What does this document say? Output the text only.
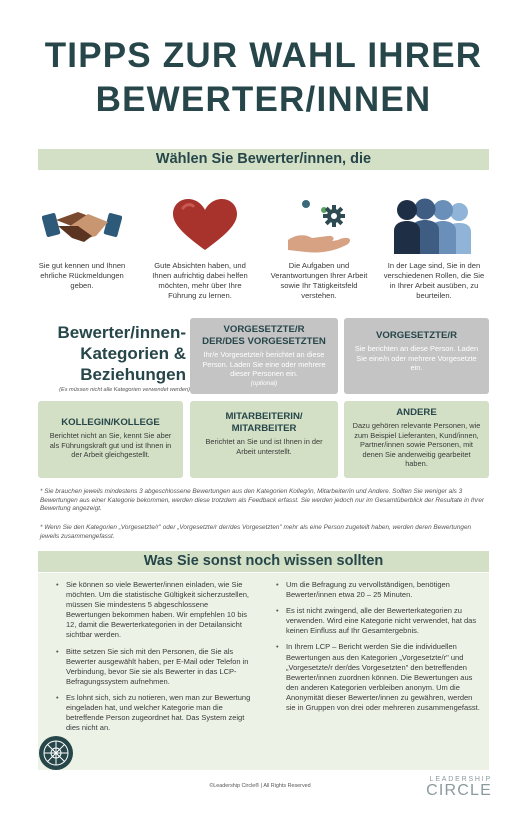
TIPPS ZUR WAHL IHRER
BEWERTER/INNEN
Wählen Sie Bewerter/innen, die
Sie gut kennen und Ihnen ehrliche Rückmeldungen geben.
Gute Absichten haben, und Ihnen aufrichtig dabei helfen möchten, mehr über Ihre Führung zu lernen.
Die Aufgaben und Verantwortungen Ihrer Arbeit sowie Ihr Tätigkeitsfeld verstehen.
In der Lage sind, Sie in den verschiedenen Rollen, die Sie in Ihrer Arbeit ausüben, zu beurteilen.
Bewerter/innen-
Kategorien &
Beziehungen
(Es müssen nicht alle Kategorien verwendet werden)
VORGESETZTE/R
DER/DES VORGESETZTEN
Ihr/e Vorgesetzte/r berichtet an diese Person. Laden Sie eine oder mehrere dieser Personen ein.
(optional)
VORGESETZTE/R
Sie berichten an diese Person. Laden Sie eine/n oder mehrere Vorgesetzte ein.
KOLLEGIN/KOLLEGE
Berichtet nicht an Sie, kennt Sie aber als Führungskraft gut und ist Ihnen in der Arbeit gleichgestellt.
MITARBEITERIN/
MITARBEITER
Berichtet an Sie und ist Ihnen in der Arbeit unterstellt.
ANDERE
Dazu gehören relevante Personen, wie zum Beispiel Lieferanten, Kund/innen, Partner/innen sowie Personen, mit denen Sie anderweitig gearbeitet haben.
* Sie brauchen jeweils mindestens 3 abgeschlossene Bewertungen aus den Kategorien Kolleg/in, Mitarbeiter/in und Andere. Sollten Sie weniger als 3 Bewertungen aus einer Kategorie bekommen, werden diese trotzdem als Feedback erfasst. Sie werden jedoch nur im Gesamtüberblick der Resultate in Ihrer Bewertung angezeigt.
* Wenn Sie den Kategorien „Vorgesetzte/r" oder „Vorgesetzte/r der/des Vorgesetzten" mehr als eine Person zugeteilt haben, werden deren Bewertungen jeweils zusammengefasst.
Was Sie sonst noch wissen sollten
• Sie können so viele Bewerter/innen einladen, wie Sie möchten. Um die statistische Gültigkeit sicherzustellen, müssen Sie mindestens 5 abgeschlossene Bewertungen bekommen haben. Wir empfehlen 10 bis 12, damit die Bewerterkategorien in der Detailansicht sichtbar werden.
• Bitte setzen Sie sich mit den Personen, die Sie als Bewerter ausgewählt haben, per E-Mail oder Telefon in Verbindung, bevor Sie sie als Bewerter in das LCP-Befragungssystem aufnehmen.
• Es lohnt sich, sich zu notieren, wen man zur Bewertung eingeladen hat, und welcher Kategorie man die betreffende Person zugeordnet hat. Das System zeigt dies nicht an.
• Um die Befragung zu vervollständigen, benötigen Bewerter/innen etwa 20 – 25 Minuten.
• Es ist nicht zwingend, alle der Bewerterkategorien zu verwenden. Wird eine Kategorie nicht verwendet, hat das keinen Einfluss auf Ihr Gesamtergebnis.
• In Ihrem LCP – Bericht werden Sie die individuellen Bewertungen aus den Kategorien „Vorgesetzte/r" und „Vorgesetzte/r der/des Vorgesetzten" den betreffenden Bewerter/innen zuordnen können. Die Bewertungen aus den anderen Kategorien verbleiben anonym. Um die Anonymität dieser Bewerter/innen zu gewähren, werden sie in Gruppen von drei oder mehreren zusammengefasst.
©Leadership Circle® | All Rights Reserved
LEADERSHIP
CIRCLE
